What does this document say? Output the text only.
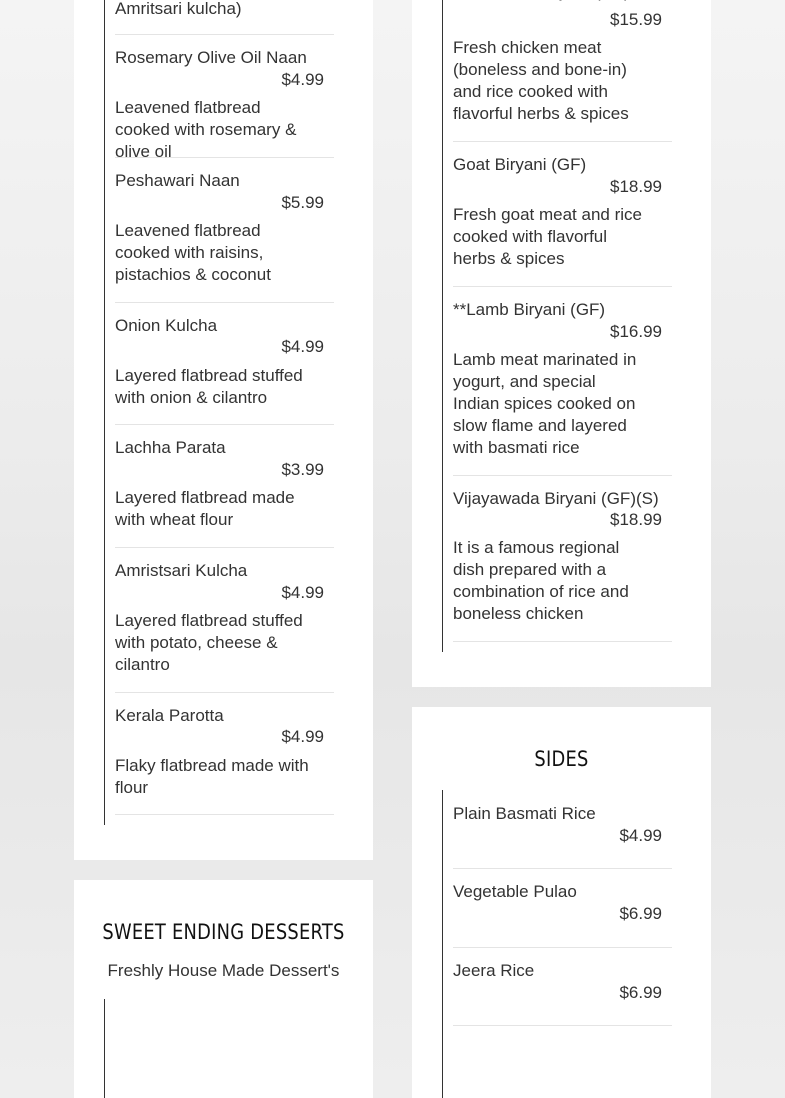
Amritsari kulcha)
Rosemary Olive Oil Naan
$4.99
Leavened flatbread cooked with rosemary & olive oil
Peshawari Naan
$5.99
Leavened flatbread cooked with raisins, pistachios & coconut
Onion Kulcha
$4.99
Layered flatbread stuffed with onion & cilantro
Lachha Parata
$3.99
Layered flatbread made with wheat flour
Amristsari Kulcha
$4.99
Layered flatbread stuffed with potato, cheese & cilantro
Kerala Parotta
$4.99
Flaky flatbread made with flour
$15.99
Fresh chicken meat (boneless and bone-in) and rice cooked with flavorful herbs & spices
Goat Biryani (GF)
$18.99
Fresh goat meat and rice cooked with flavorful herbs & spices
**Lamb Biryani (GF)
$16.99
Lamb meat marinated in yogurt, and special Indian spices cooked on slow flame and layered with basmati rice
Vijayawada Biryani (GF)(S)
$18.99
It is a famous regional dish prepared with a combination of rice and boneless chicken
SIDES
Plain Basmati Rice
$4.99
Vegetable Pulao
$6.99
Jeera Rice
$6.99
SWEET ENDING DESSERTS
Freshly House Made Dessert's
